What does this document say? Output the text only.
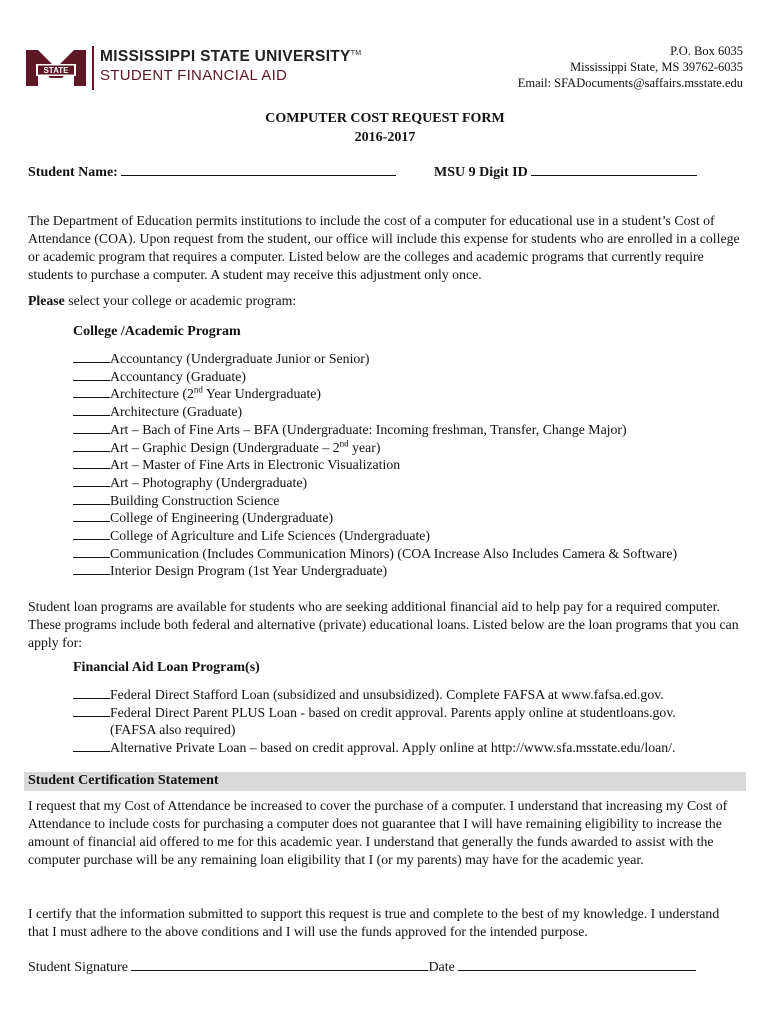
STATE
MISSISSIPPI STATE UNIVERSITY™
STUDENT FINANCIAL AID
P.O. Box 6035
Mississippi State, MS 39762-6035
Email: SFADocuments@saffairs.msstate.edu
COMPUTER COST REQUEST FORM
2016-2017
Student Name:	MSU 9 Digit ID
The Department of Education permits institutions to include the cost of a computer for educational use in a student’s Cost of Attendance (COA). Upon request from the student, our office will include this expense for students who are enrolled in a college or academic program that requires a computer. Listed below are the colleges and academic programs that currently require students to purchase a computer. A student may receive this adjustment only once.
Please select your college or academic program:
College /Academic Program
Accountancy (Undergraduate Junior or Senior)
Accountancy (Graduate)
Architecture (2nd Year Undergraduate)
Architecture (Graduate)
Art – Bach of Fine Arts – BFA (Undergraduate: Incoming freshman, Transfer, Change Major)
Art – Graphic Design (Undergraduate – 2nd year)
Art – Master of Fine Arts in Electronic Visualization
Art – Photography (Undergraduate)
Building Construction Science
College of Engineering (Undergraduate)
College of Agriculture and Life Sciences (Undergraduate)
Communication (Includes Communication Minors) (COA Increase Also Includes Camera & Software)
Interior Design Program (1st Year Undergraduate)
Student loan programs are available for students who are seeking additional financial aid to help pay for a required computer. These programs include both federal and alternative (private) educational loans. Listed below are the loan programs that you can apply for:
Financial Aid Loan Program(s)
Federal Direct Stafford Loan (subsidized and unsubsidized). Complete FAFSA at www.fafsa.ed.gov.
Federal Direct Parent PLUS Loan - based on credit approval. Parents apply online at studentloans.gov.
(FAFSA also required)
Alternative Private Loan – based on credit approval. Apply online at http://www.sfa.msstate.edu/loan/.
Student Certification Statement
I request that my Cost of Attendance be increased to cover the purchase of a computer. I understand that increasing my Cost of Attendance to include costs for purchasing a computer does not guarantee that I will have remaining eligibility to increase the amount of financial aid offered to me for this academic year. I understand that generally the funds awarded to assist with the computer purchase will be any remaining loan eligibility that I (or my parents) may have for the academic year.
I certify that the information submitted to support this request is true and complete to the best of my knowledge. I understand that I must adhere to the above conditions and I will use the funds approved for the intended purpose.
Student Signature	Date
